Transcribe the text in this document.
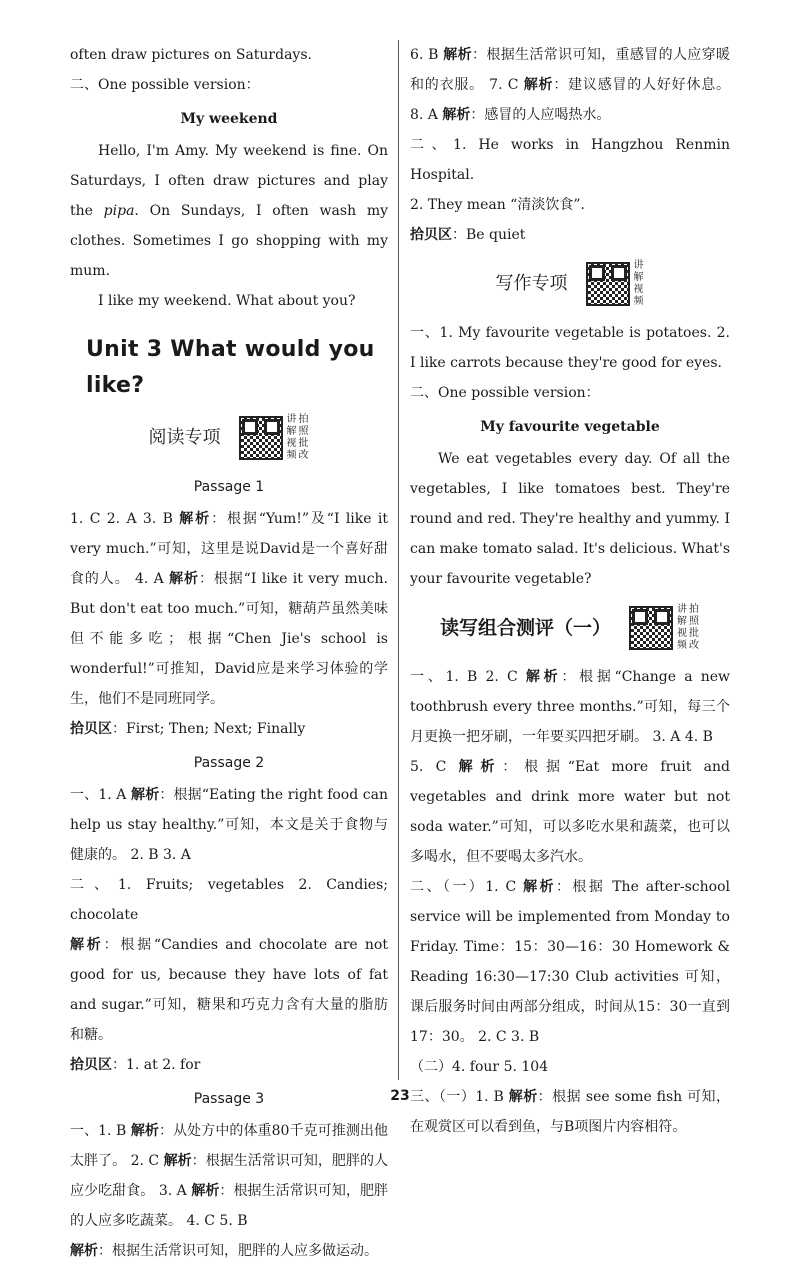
often draw pictures on Saturdays.

二、One possible version：

My weekend

Hello, I'm Amy. My weekend is fine. On Saturdays, I often draw pictures and play the pipa. On Sundays, I often wash my clothes. Sometimes I go shopping with my mum.

I like my weekend. What about you?

Unit 3 What would you like?
阅读专项
讲 拍
解 照
视 批
频 改
Passage 1

1. C 2. A 3. B 解析：根据“Yum!”及“I like it very much.”可知，这里是说David是一个喜好甜食的人。 4. A 解析：根据“I like it very much. But don't eat too much.”可知，糖葫芦虽然美味但不能多吃；根据“Chen Jie's school is wonderful!”可推知，David应是来学习体验的学生，他们不是同班同学。

拾贝区：First; Then; Next; Finally

Passage 2

一、1. A 解析：根据“Eating the right food can help us stay healthy.”可知，本文是关于食物与健康的。 2. B 3. A

二、1. Fruits; vegetables 2. Candies; chocolate

解析：根据“Candies and chocolate are not good for us, because they have lots of fat and sugar.”可知，糖果和巧克力含有大量的脂肪和糖。

拾贝区：1. at 2. for

Passage 3

一、1. B 解析：从处方中的体重80千克可推测出他太胖了。 2. C 解析：根据生活常识可知，肥胖的人应少吃甜食。 3. A 解析：根据生活常识可知，肥胖的人应多吃蔬菜。 4. C 5. B

解析：根据生活常识可知，肥胖的人应多做运动。

6. B 解析：根据生活常识可知，重感冒的人应穿暖和的衣服。 7. C 解析：建议感冒的人好好休息。 8. A 解析：感冒的人应喝热水。

二、1. He works in Hangzhou Renmin Hospital.

2. They mean “清淡饮食”.

拾贝区：Be quiet

写作专项
讲
解
视
频

一、1. My favourite vegetable is potatoes. 2. I like carrots because they're good for eyes.

二、One possible version：

My favourite vegetable

We eat vegetables every day. Of all the vegetables, I like tomatoes best. They're round and red. They're healthy and yummy. I can make tomato salad. It's delicious. What's your favourite vegetable?

读写组合测评（一）
讲 拍
解 照
视 批
频 改

一、1. B 2. C 解析：根据“Change a new toothbrush every three months.”可知，每三个月更换一把牙刷，一年要买四把牙刷。 3. A 4. B

5. C 解析：根据“Eat more fruit and vegetables and drink more water but not soda water.”可知，可以多吃水果和蔬菜，也可以多喝水，但不要喝太多汽水。

二、（一）1. C 解析：根据 The after-school service will be implemented from Monday to Friday. Time：15：30—16：30 Homework & Reading 16:30—17:30 Club activities 可知，课后服务时间由两部分组成，时间从15：30一直到17：30。 2. C 3. B

（二）4. four 5. 104

三、（一）1. B 解析：根据 see some fish 可知，在观赏区可以看到鱼，与B项图片内容相符。

23
